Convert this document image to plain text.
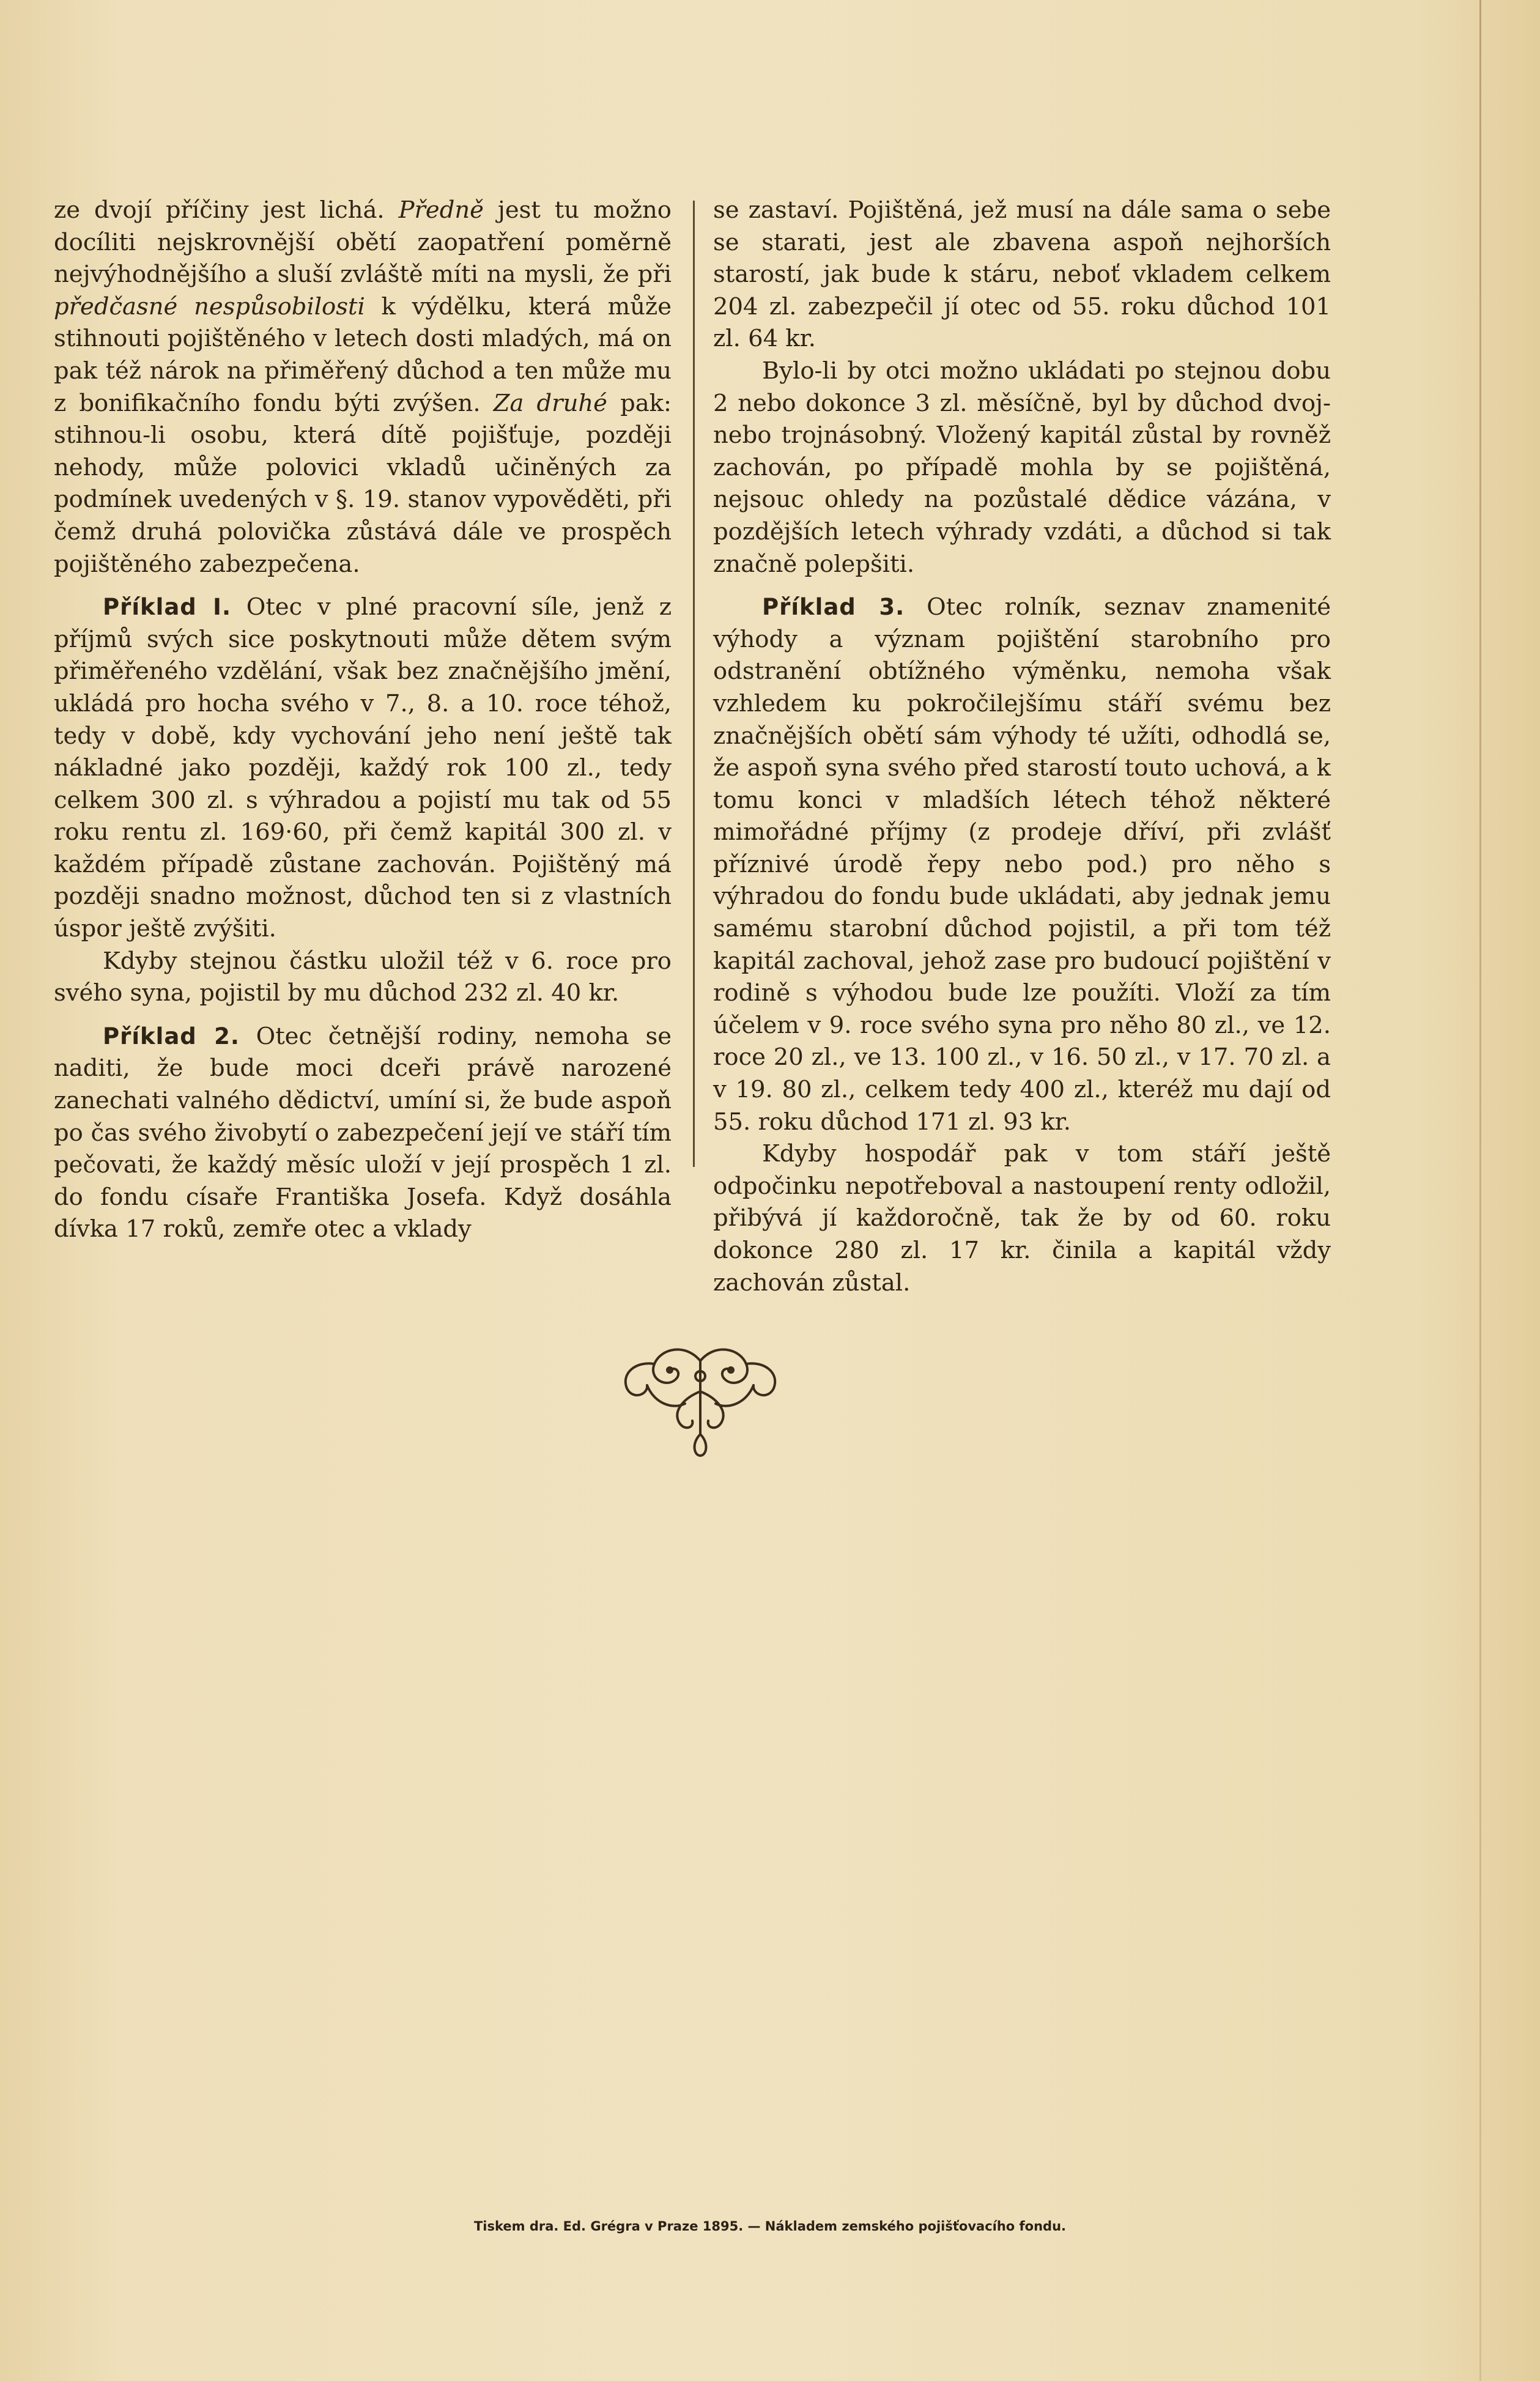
ze dvojí příčiny jest lichá. Předně jest tu možno docíliti nejskrovnější obětí zaopatření poměrně nejvýhodnějšího a sluší zvláště míti na mysli, že při předčasné nespůsobilosti k výdělku, která může stihnouti pojištěného v letech dosti mladých, má on pak též nárok na přiměřený důchod a ten může mu z bonifikačního fondu býti zvýšen. Za druhé pak: stihnou-li osobu, která dítě pojišťuje, později nehody, může polovici vkladů učiněných za podmínek uvedených v §. 19. stanov vypověděti, při čemž druhá polovička zůstává dále ve prospěch pojištěného zabezpečena.

Příklad I. Otec v plné pracovní síle, jenž z příjmů svých sice poskytnouti může dětem svým přiměřeného vzdělání, však bez značnějšího jmění, ukládá pro hocha svého v 7., 8. a 10. roce téhož, tedy v době, kdy vychování jeho není ještě tak nákladné jako později, každý rok 100 zl., tedy celkem 300 zl. s výhradou a pojistí mu tak od 55 roku rentu zl. 169·60, při čemž kapitál 300 zl. v každém případě zůstane zachován. Pojištěný má později snadno možnost, důchod ten si z vlastních úspor ještě zvýšiti.

Kdyby stejnou částku uložil též v 6. roce pro svého syna, pojistil by mu důchod 232 zl. 40 kr.

Příklad 2. Otec četnější rodiny, nemoha se naditi, že bude moci dceři právě narozené zanechati valného dědictví, umíní si, že bude aspoň po čas svého živobytí o zabezpečení její ve stáří tím pečovati, že každý měsíc uloží v její prospěch 1 zl. do fondu císaře Františka Josefa. Když dosáhla dívka 17 roků, zemře otec a vklady

se zastaví. Pojištěná, jež musí na dále sama o sebe se starati, jest ale zbavena aspoň nejhorších starostí, jak bude k stáru, neboť vkladem celkem 204 zl. zabezpečil jí otec od 55. roku důchod 101 zl. 64 kr.

Bylo-li by otci možno ukládati po stejnou dobu 2 nebo dokonce 3 zl. měsíčně, byl by důchod dvoj- nebo trojnásobný. Vložený kapitál zůstal by rovněž zachován, po případě mohla by se pojištěná, nejsouc ohledy na pozůstalé dědice vázána, v pozdějších letech výhrady vzdáti, a důchod si tak značně polepšiti.

Příklad 3. Otec rolník, seznav znamenité výhody a význam pojištění starobního pro odstranění obtížného výměnku, nemoha však vzhledem ku pokročilejšímu stáří svému bez značnějších obětí sám výhody té užíti, odhodlá se, že aspoň syna svého před starostí touto uchová, a k tomu konci v mladších létech téhož některé mimořádné příjmy (z prodeje dříví, při zvlášť příznivé úrodě řepy nebo pod.) pro něho s výhradou do fondu bude ukládati, aby jednak jemu samému starobní důchod pojistil, a při tom též kapitál zachoval, jehož zase pro budoucí pojištění v rodině s výhodou bude lze použíti. Vloží za tím účelem v 9. roce svého syna pro něho 80 zl., ve 12. roce 20 zl., ve 13. 100 zl., v 16. 50 zl., v 17. 70 zl. a v 19. 80 zl., celkem tedy 400 zl., kteréž mu dají od 55. roku důchod 171 zl. 93 kr.

Kdyby hospodář pak v tom stáří ještě odpočinku nepotřeboval a nastoupení renty odložil, přibývá jí každoročně, tak že by od 60. roku dokonce 280 zl. 17 kr. činila a kapitál vždy zachován zůstal.

Tiskem dra. Ed. Grégra v Praze 1895. — Nákladem zemského pojišťovacího fondu.
